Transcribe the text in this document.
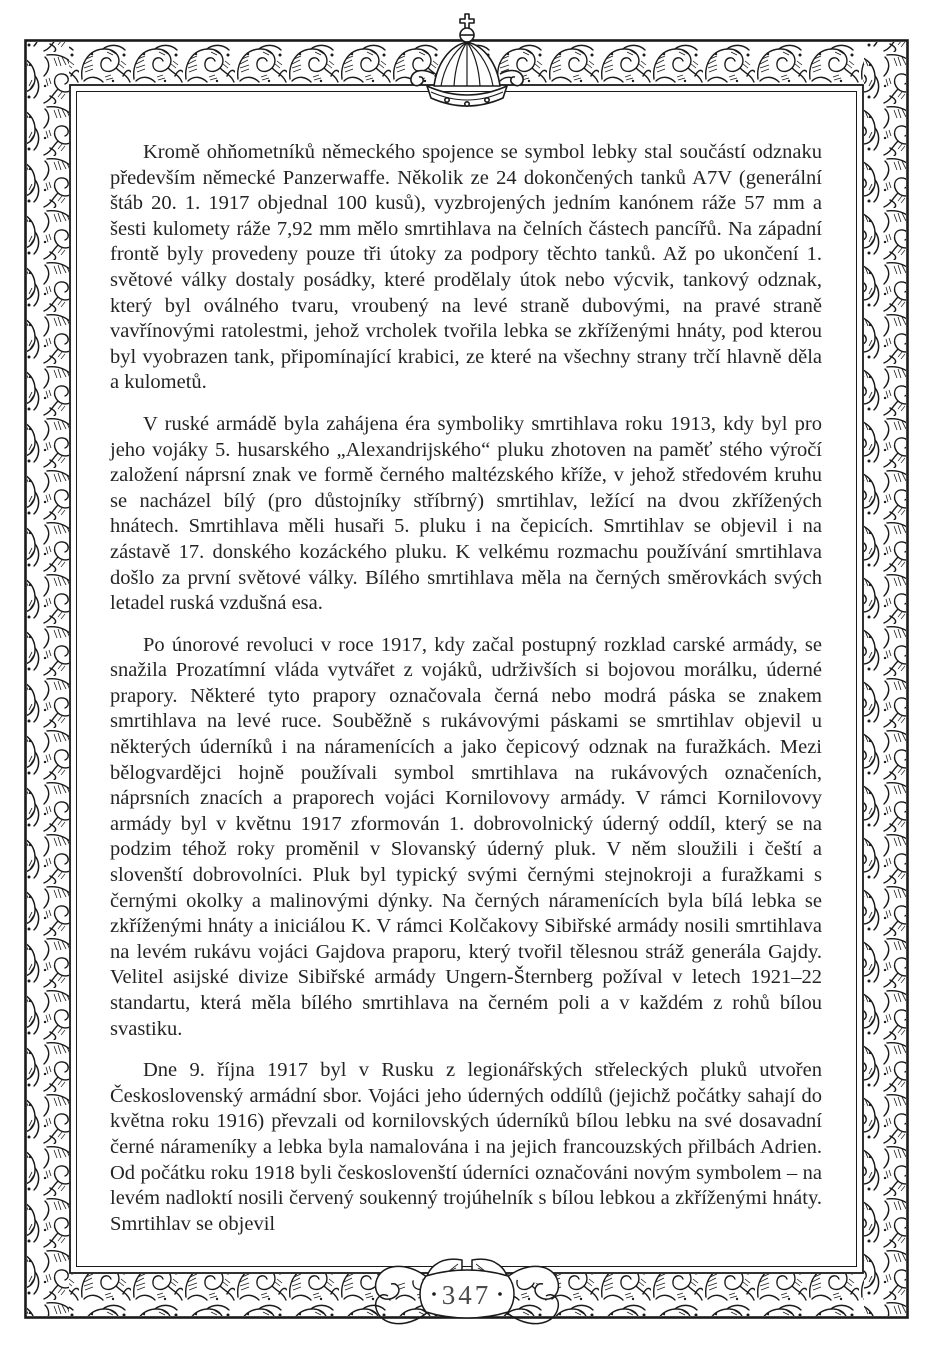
Kromě ohňometníků německého spojence se symbol lebky stal součástí odznaku především německé Panzerwaffe. Několik ze 24 dokončených tanků A7V (generální štáb 20. 1. 1917 objednal 100 kusů), vyzbrojených jedním kanónem ráže 57 mm a šesti kulomety ráže 7,92 mm mělo smrtihlava na čelních částech pancířů. Na západní frontě byly provedeny pouze tři útoky za podpory těchto tanků. Až po ukončení 1. světové války dostaly posádky, které prodělaly útok nebo výcvik, tankový odznak, který byl oválného tvaru, vroubený na levé straně dubovými, na pravé straně vavřínovými ratolestmi, jehož vrcholek tvořila lebka se zkříženými hnáty, pod kterou byl vyobrazen tank, připomínající krabici, ze které na všechny strany trčí hlavně děla a kulometů.

V ruské armádě byla zahájena éra symboliky smrtihlava roku 1913, kdy byl pro jeho vojáky 5. husarského „Alexandrijského“ pluku zhotoven na paměť stého výročí založení náprsní znak ve formě černého maltézského kříže, v jehož středovém kruhu se nacházel bílý (pro důstojníky stříbrný) smrtihlav, ležící na dvou zkřížených hnátech. Smrtihlava měli husaři 5. pluku i na čepicích. Smrtihlav se objevil i na zástavě 17. donského kozáckého pluku. K velkému rozmachu používání smrtihlava došlo za první světové války. Bílého smrtihlava měla na černých směrovkách svých letadel ruská vzdušná esa.

Po únorové revoluci v roce 1917, kdy začal postupný rozklad carské armády, se snažila Prozatímní vláda vytvářet z vojáků, udrživších si bojovou morálku, úderné prapory. Některé tyto prapory označovala černá nebo modrá páska se znakem smrtihlava na levé ruce. Souběžně s rukávovými páskami se smrtihlav objevil u některých úderníků i na náramenících a jako čepicový odznak na furažkách. Mezi bělogvardějci hojně používali symbol smrtihlava na rukávových označeních, náprsních znacích a praporech vojáci Kornilovovy armády. V rámci Kornilovovy armády byl v květnu 1917 zformován 1. dobrovolnický úderný oddíl, který se na podzim téhož roky proměnil v Slovanský úderný pluk. V něm sloužili i čeští a slovenští dobrovolníci. Pluk byl typický svými černými stejnokroji a furažkami s černými okolky a malinovými dýnky. Na černých náramenících byla bílá lebka se zkříženými hnáty a iniciálou K. V rámci Kolčakovy Sibiřské armády nosili smrtihlava na levém rukávu vojáci Gajdova praporu, který tvořil tělesnou stráž generála Gajdy. Velitel asijské divize Sibiřské armády Ungern-Šternberg požíval v letech 1921–22 standartu, která měla bílého smrtihlava na černém poli a v každém z rohů bílou svastiku.

Dne 9. října 1917 byl v Rusku z legionářských střeleckých pluků utvořen Československý armádní sbor. Vojáci jeho úderných oddílů (jejichž počátky sahají do května roku 1916) převzali od kornilovských úderníků bílou lebku na své dosavadní černé nárameníky a lebka byla namalována i na jejich francouzských přilbách Adrien. Od počátku roku 1918 byli českoslovenští úderníci označováni novým symbolem – na levém nadloktí nosili červený soukenný trojúhelník s bílou lebkou a zkříženými hnáty. Smrtihlav se objevil

347
